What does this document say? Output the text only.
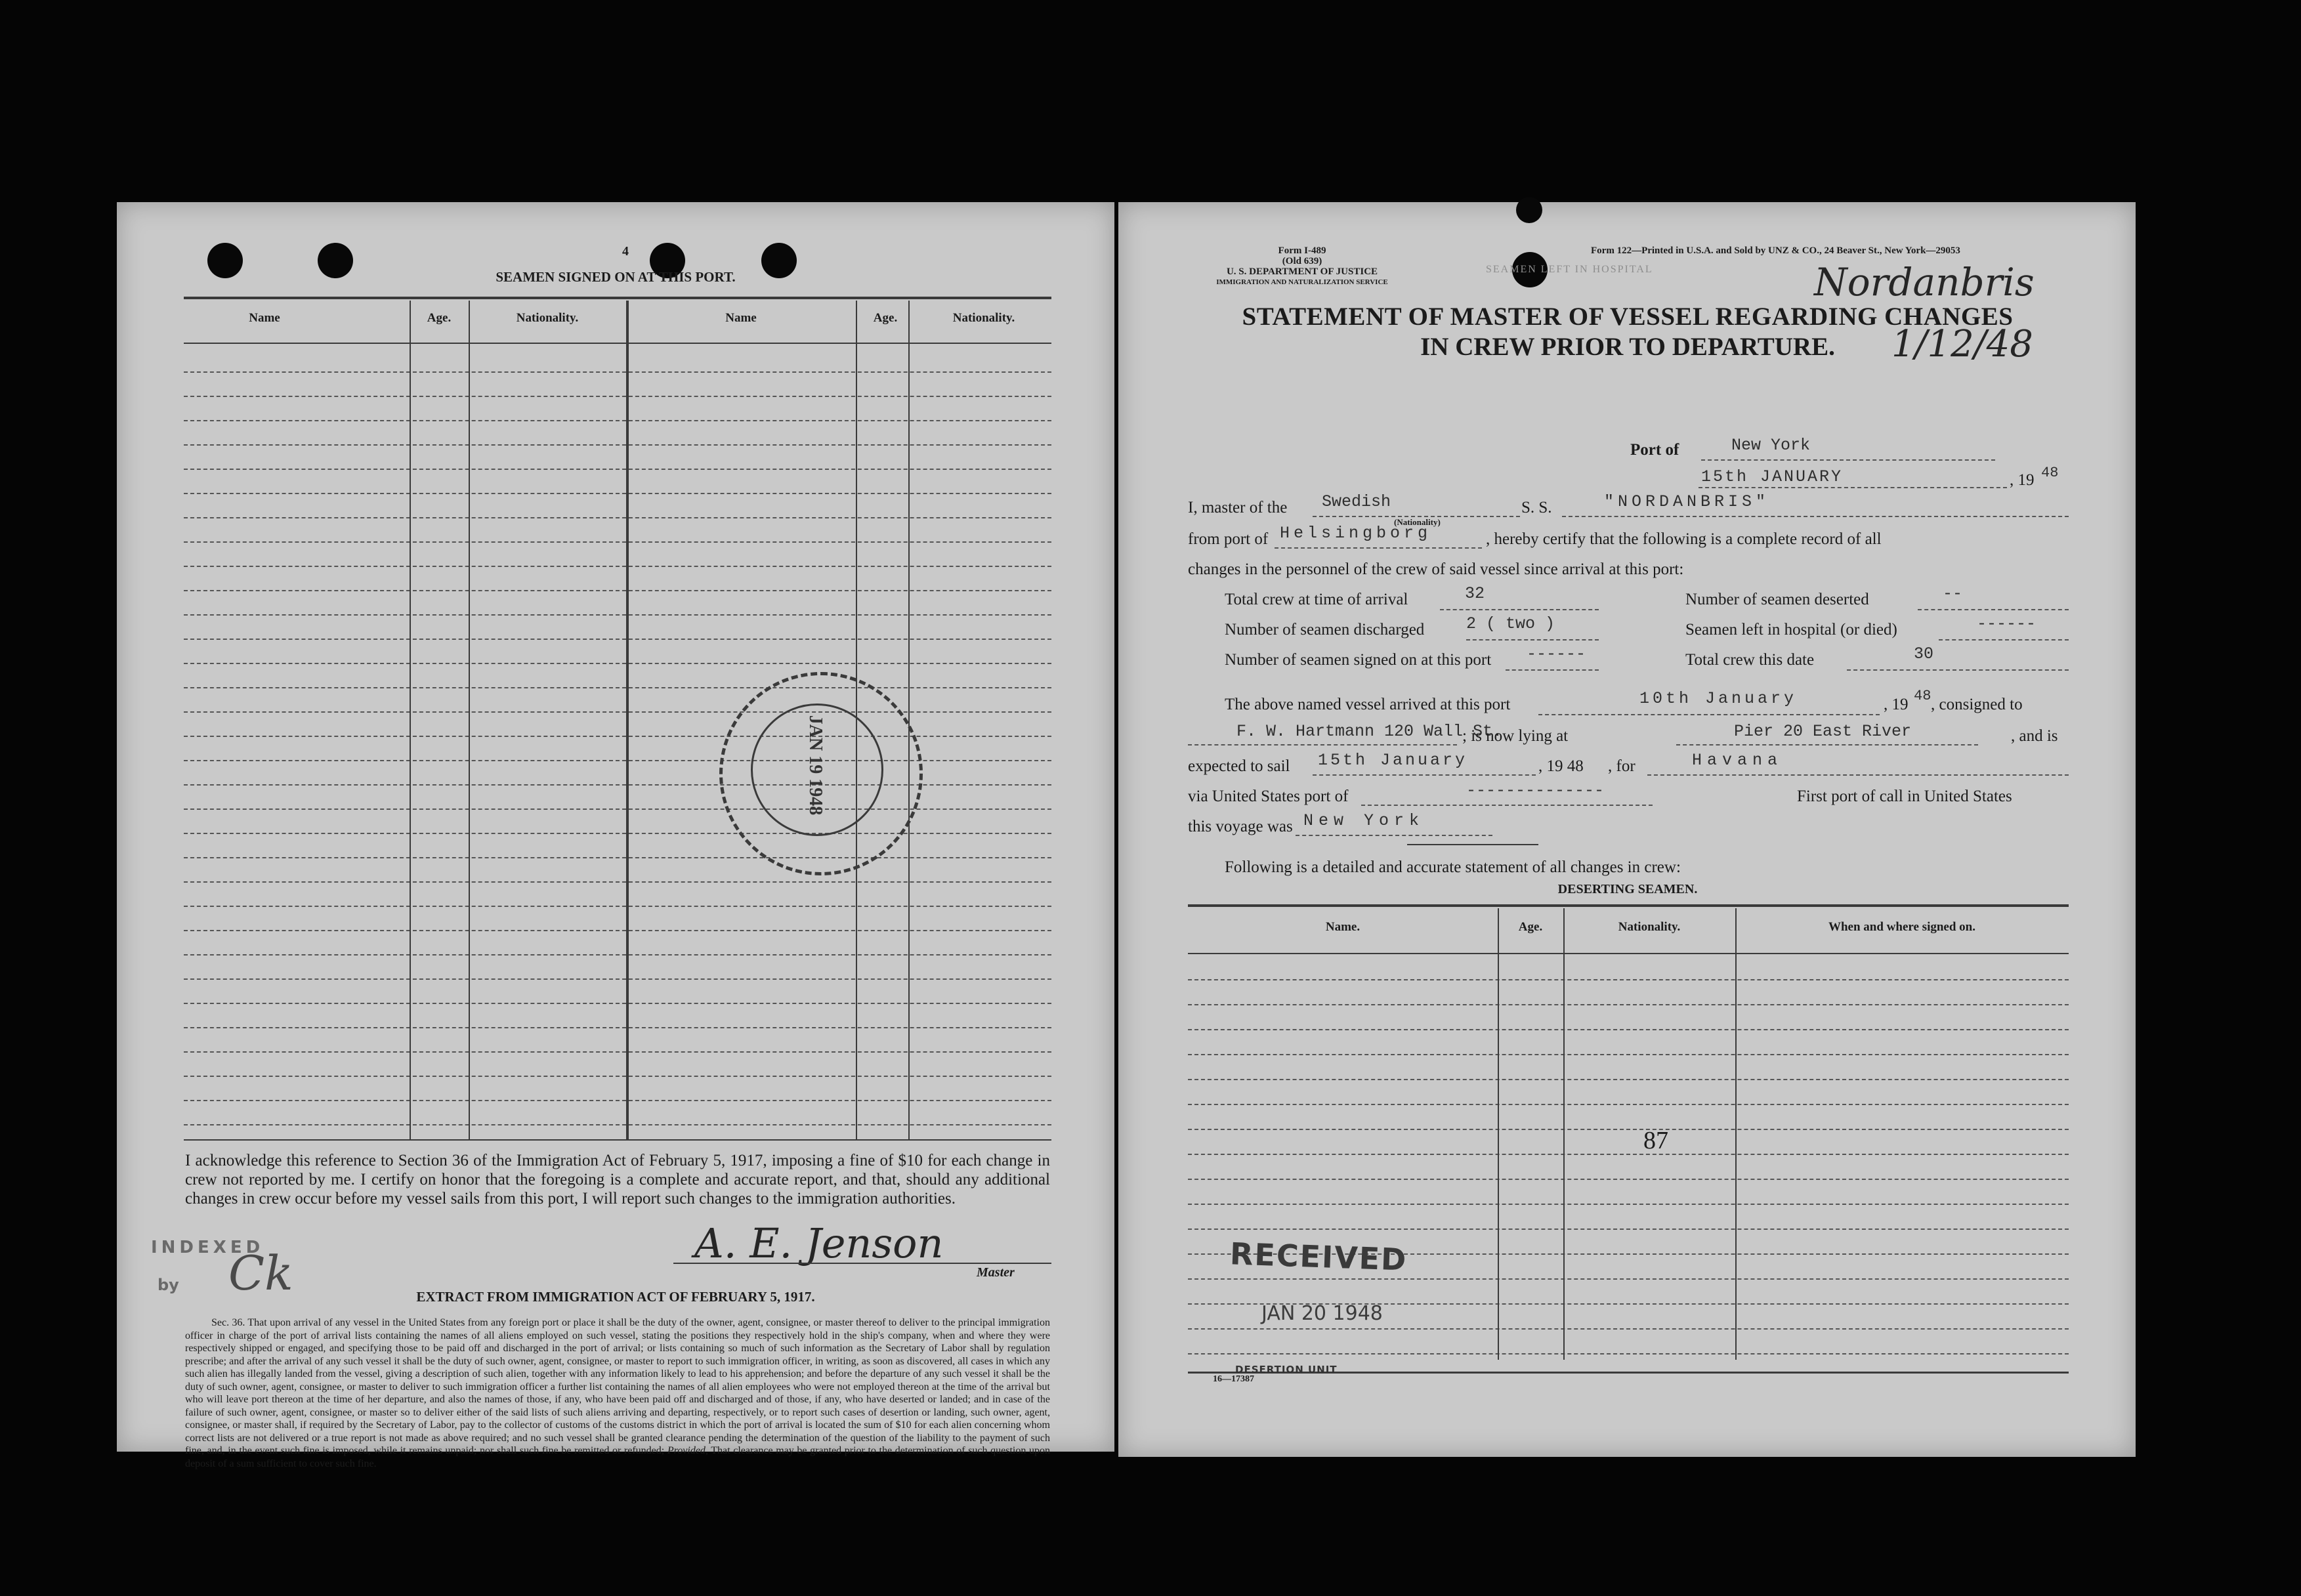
4
SEAMEN SIGNED ON AT THIS PORT.
Name	Age.	Nationality.	Name	Age.	Nationality.
JAN 19 1948
I acknowledge this reference to Section 36 of the Immigration Act of February 5, 1917, imposing a fine of $10 for each change in crew not reported by me. I certify on honor that the foregoing is a complete and accurate report, and that, should any additional changes in crew occur before my vessel sails from this port, I will report such changes to the immigration authorities.
INDEXED
by Ck
A. E. Jenson
Master
EXTRACT FROM IMMIGRATION ACT OF FEBRUARY 5, 1917.
Sec. 36. That upon arrival of any vessel in the United States from any foreign port or place it shall be the duty of the owner, agent, consignee, or master thereof to deliver to the principal immigration officer in charge of the port of arrival lists containing the names of all aliens employed on such vessel, stating the positions they respectively hold in the ship's company, when and where they were respectively shipped or engaged, and specifying those to be paid off and discharged in the port of arrival; or lists containing so much of such information as the Secretary of Labor shall by regulation prescribe; and after the arrival of any such vessel it shall be the duty of such owner, agent, consignee, or master to report to such immigration officer, in writing, as soon as discovered, all cases in which any such alien has illegally landed from the vessel, giving a description of such alien, together with any information likely to lead to his apprehension; and before the departure of any such vessel it shall be the duty of such owner, agent, consignee, or master to deliver to such immigration officer a further list containing the names of all alien employees who were not employed thereon at the time of the arrival but who will leave port thereon at the time of her departure, and also the names of those, if any, who have been paid off and discharged and of those, if any, who have deserted or landed; and in case of the failure of such owner, agent, consignee, or master so to deliver either of the said lists of such aliens arriving and departing, respectively, or to report such cases of desertion or landing, such owner, agent, consignee, or master shall, if required by the Secretary of Labor, pay to the collector of customs of the customs district in which the port of arrival is located the sum of $10 for each alien concerning whom correct lists are not delivered or a true report is not made as above required; and no such vessel shall be granted clearance pending the determination of the question of the liability to the payment of such fine, and, in the event such fine is imposed, while it remains unpaid; nor shall such fine be remitted or refunded; Provided, That clearance may be granted prior to the determination of such question upon deposit of a sum sufficient to cover such fine.
Form I-489
(Old 639)
U. S. DEPARTMENT OF JUSTICE
IMMIGRATION AND NATURALIZATION SERVICE
Form 122—Printed in U.S.A. and Sold by UNZ & CO., 24 Beaver St., New York—29053
SEAMEN LEFT IN HOSPITAL	Nordanbris
1/12/48
STATEMENT OF MASTER OF VESSEL REGARDING CHANGES
IN CREW PRIOR TO DEPARTURE.
Port of	New York
15th JANUARY	, 19 48
I, master of the Swedish
(Nationality)
S. S.	"NORDANBRIS"
from port of Helsingborg	, hereby certify that the following is a complete record of all
changes in the personnel of the crew of said vessel since arrival at this port:
Total crew at time of arrival	32	Number of seamen deserted	--
Number of seamen discharged	2 ( two )	Seamen left in hospital (or died)	------
Number of seamen signed on at this port ------	Total crew this date	30
The above named vessel arrived at this port	10th January	, 19 48 , consigned to
F. W. Hartmann 120 Wall St.
; is now lying at	Pier 20 East River	, and is
expected to sail 15th January	, 19 48 , for	Havana
via United States port of	--------------	First port of call in United States
this voyage was New York
Following is a detailed and accurate statement of all changes in crew:
DESERTING SEAMEN.
Name.	Age.	Nationality.	When and where signed on.
87
RECEIVED
JAN 20 1948
16—17387
DESERTION UNIT
